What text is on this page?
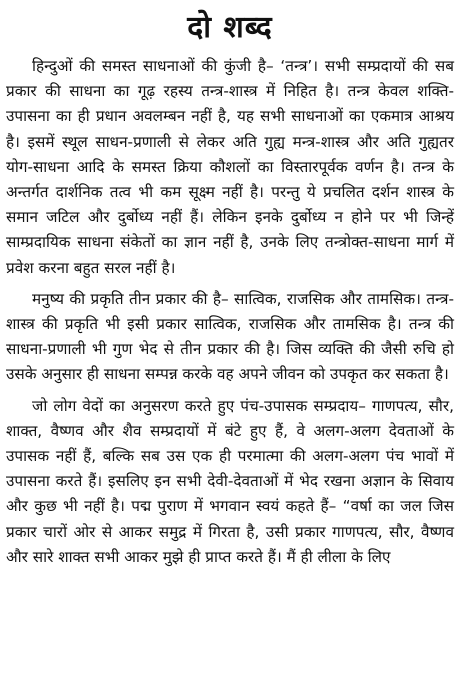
दो शब्द

हिन्दुओं की समस्त साधनाओं की कुंजी है– ‘तन्त्र’। सभी सम्प्रदायों की सब प्रकार की साधना का गूढ़ रहस्य तन्त्र-शास्त्र में निहित है। तन्त्र केवल शक्ति-उपासना का ही प्रधान अवलम्बन नहीं है, यह सभी साधनाओं का एकमात्र आश्रय है। इसमें स्थूल साधन-प्रणाली से लेकर अति गुह्य मन्त्र-शास्त्र और अति गुह्यतर योग-साधना आदि के समस्त क्रिया कौशलों का विस्तारपूर्वक वर्णन है। तन्त्र के अन्तर्गत दार्शनिक तत्व भी कम सूक्ष्म नहीं है। परन्तु ये प्रचलित दर्शन शास्त्र के समान जटिल और दुर्बोध्य नहीं हैं। लेकिन इनके दुर्बोध्य न होने पर भी जिन्हें साम्प्रदायिक साधना संकेतों का ज्ञान नहीं है, उनके लिए तन्त्रोक्त-साधना मार्ग में प्रवेश करना बहुत सरल नहीं है।

मनुष्य की प्रकृति तीन प्रकार की है– सात्विक, राजसिक और तामसिक। तन्त्र-शास्त्र की प्रकृति भी इसी प्रकार सात्विक, राजसिक और तामसिक है। तन्त्र की साधना-प्रणाली भी गुण भेद से तीन प्रकार की है। जिस व्यक्ति की जैसी रुचि हो उसके अनुसार ही साधना सम्पन्न करके वह अपने जीवन को उपकृत कर सकता है।

जो लोग वेदों का अनुसरण करते हुए पंच-उपासक सम्प्रदाय– गाणपत्य, सौर, शाक्त, वैष्णव और शैव सम्प्रदायों में बंटे हुए हैं, वे अलग-अलग देवताओं के उपासक नहीं हैं, बल्कि सब उस एक ही परमात्मा की अलग-अलग पंच भावों में उपासना करते हैं। इसलिए इन सभी देवी-देवताओं में भेद रखना अज्ञान के सिवाय और कुछ भी नहीं है। पद्म पुराण में भगवान स्वयं कहते हैं– “वर्षा का जल जिस प्रकार चारों ओर से आकर समुद्र में गिरता है, उसी प्रकार गाणपत्य, सौर, वैष्णव और सारे शाक्त सभी आकर मुझे ही प्राप्त करते हैं। मैं ही लीला के लिए
